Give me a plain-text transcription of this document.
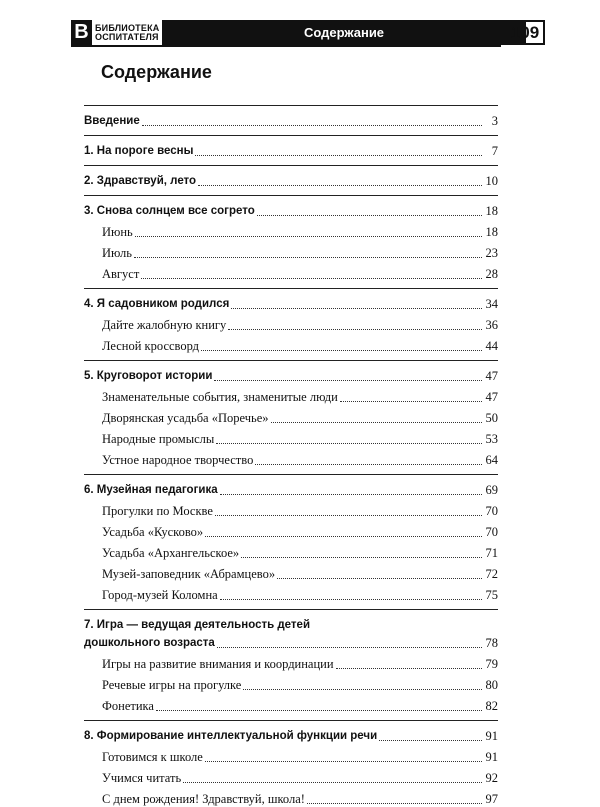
B БИБЛИОТЕКА
ОСПИТАТЕЛЯ	Содержание	109
Содержание
Введение	3
1. На пороге весны	7
2. Здравствуй, лето	10
3. Снова солнцем все согрето	18
Июнь	18
Июль	23
Август	28
4. Я садовником родился	34
Дайте жалобную книгу	36
Лесной кроссворд	44
5. Круговорот истории	47
Знаменательные события, знаменитые люди	47
Дворянская усадьба «Поречье»	50
Народные промыслы	53
Устное народное творчество	64
6. Музейная педагогика	69
Прогулки по Москве	70
Усадьба «Кусково»	70
Усадьба «Архангельское»	71
Музей-заповедник «Абрамцево»	72
Город-музей Коломна	75
7. Игра — ведущая деятельность детей
дошкольного возраста	78
Игры на развитие внимания и координации	79
Речевые игры на прогулке	80
Фонетика	82
8. Формирование интеллектуальной функции речи	91
Готовимся к школе	91
Учимся читать	92
С днем рождения! Здравствуй, школа!	97
